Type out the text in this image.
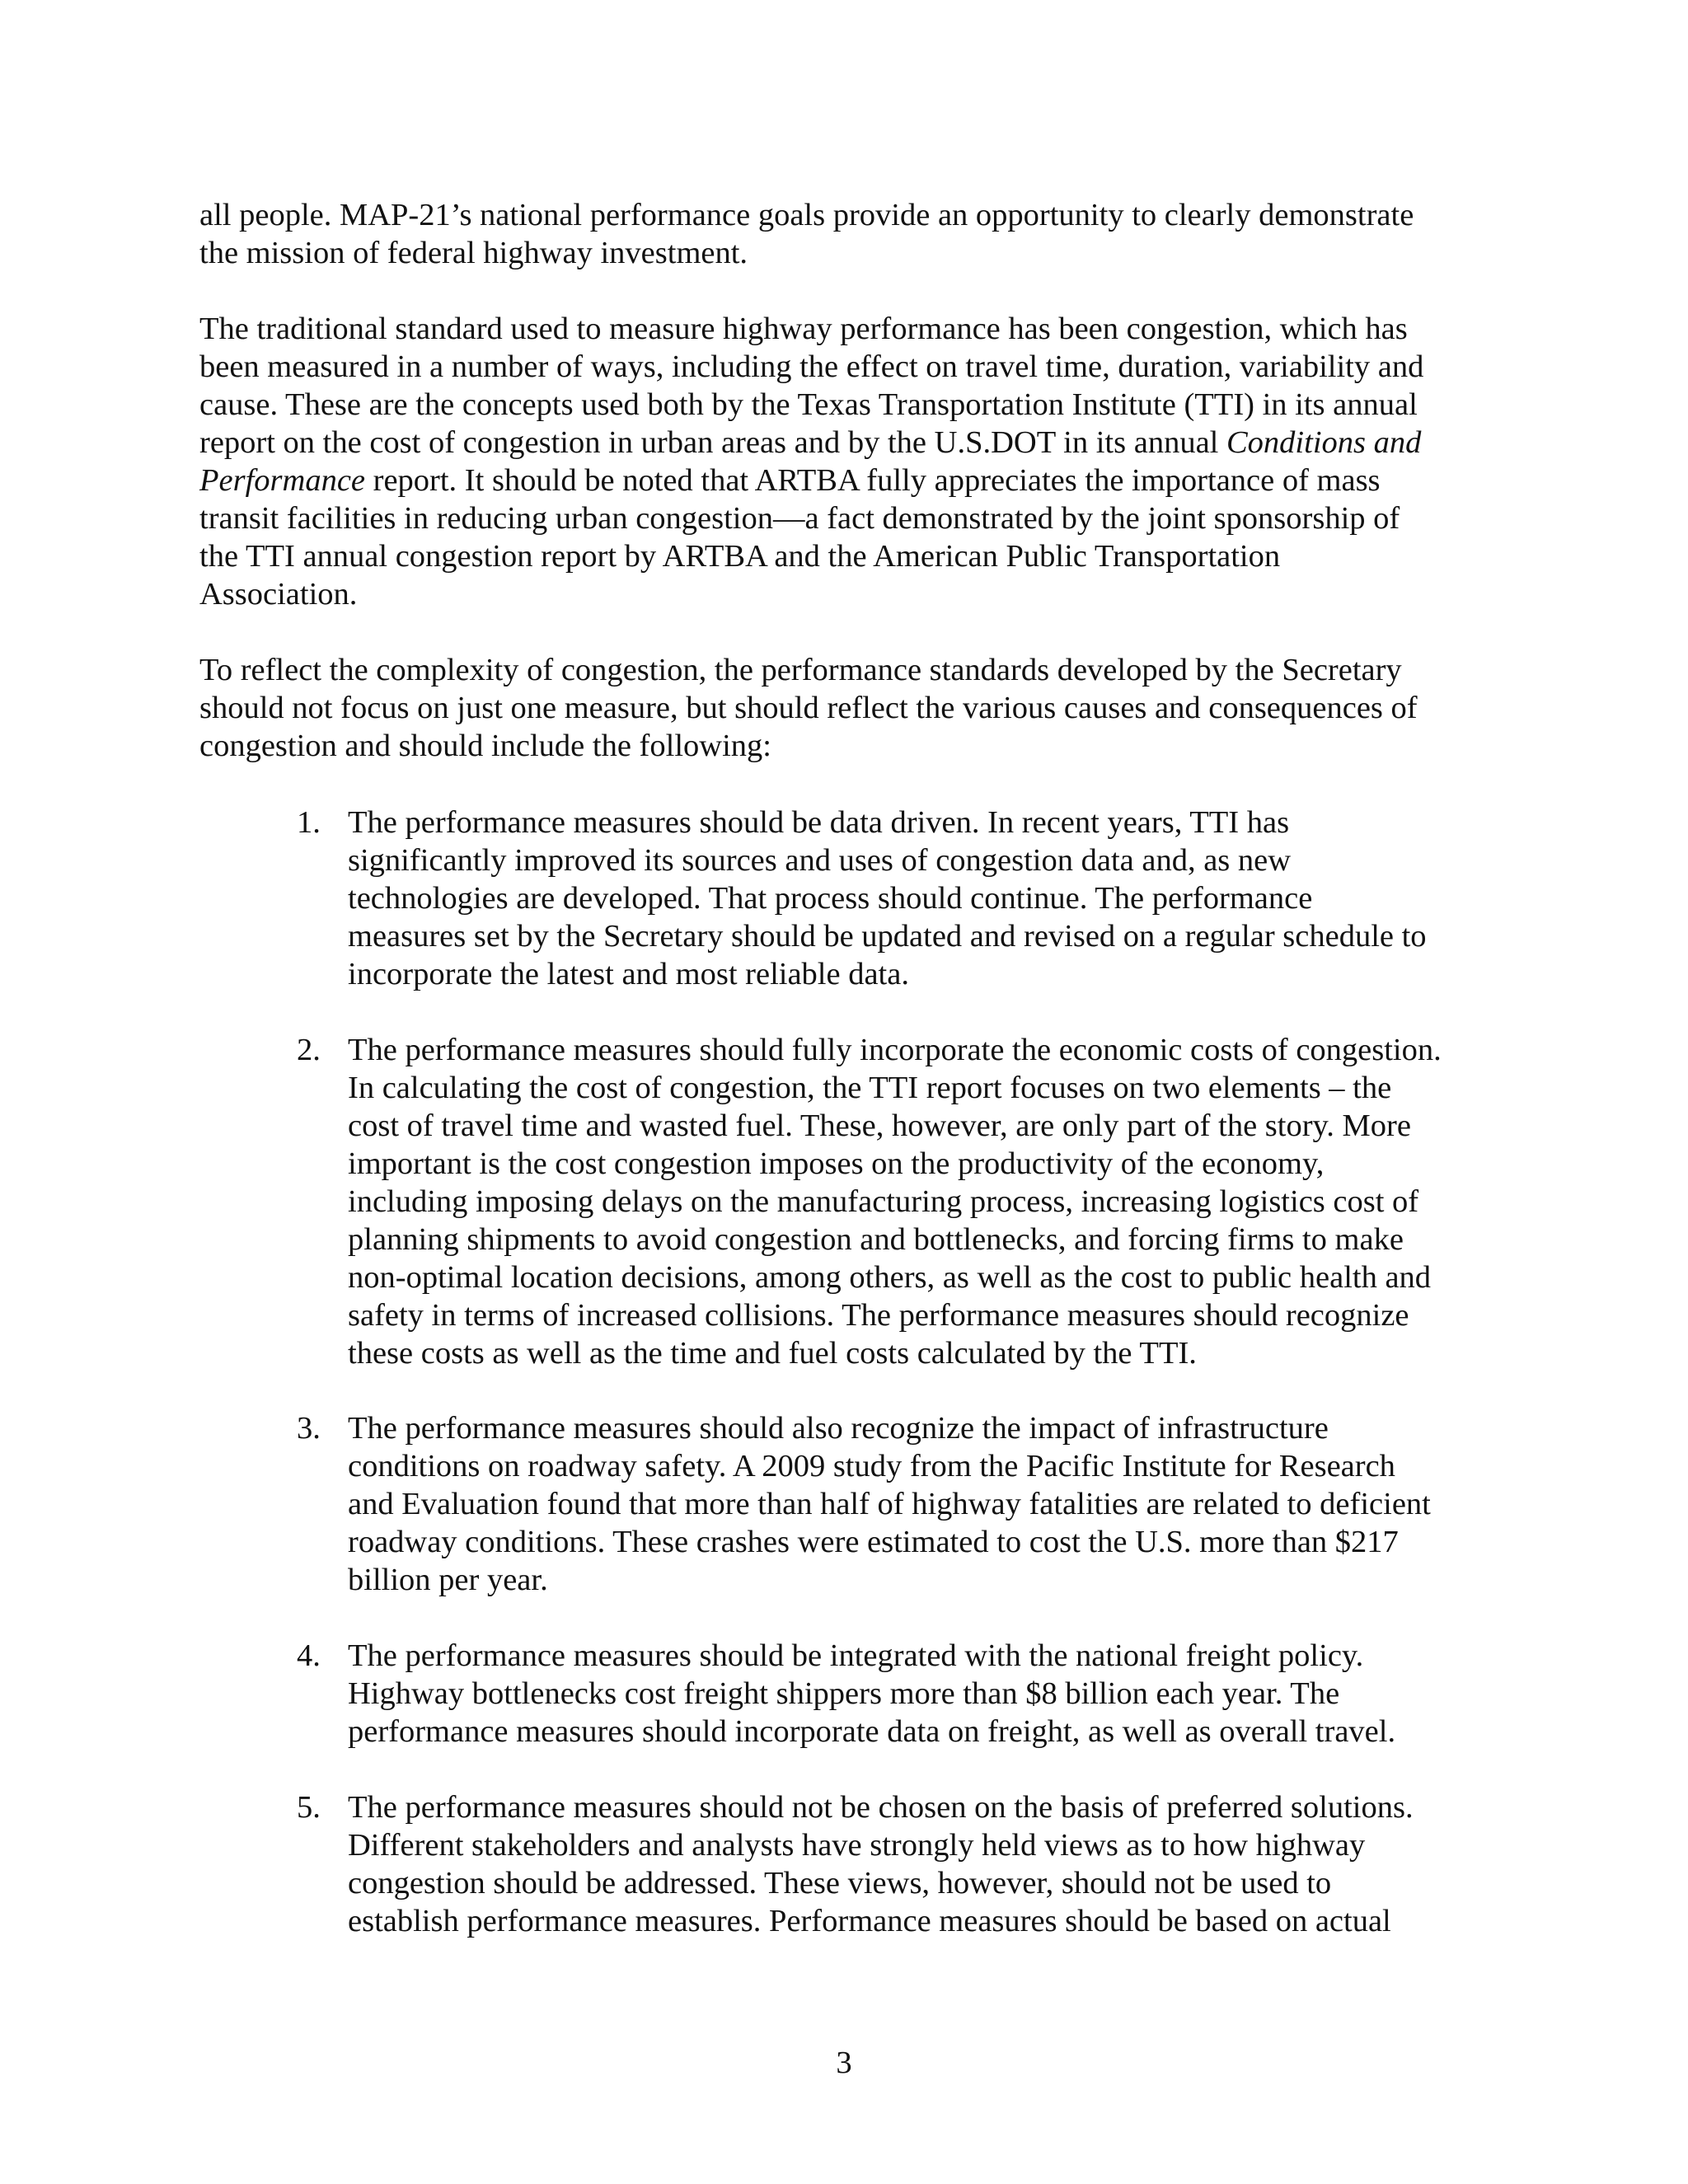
all people. MAP-21’s national performance goals provide an opportunity to clearly demonstrate
the mission of federal highway investment.
The traditional standard used to measure highway performance has been congestion, which has
been measured in a number of ways, including the effect on travel time, duration, variability and
cause. These are the concepts used both by the Texas Transportation Institute (TTI) in its annual
report on the cost of congestion in urban areas and by the U.S.DOT in its annual Conditions and
Performance report. It should be noted that ARTBA fully appreciates the importance of mass
transit facilities in reducing urban congestion—a fact demonstrated by the joint sponsorship of
the TTI annual congestion report by ARTBA and the American Public Transportation
Association.
To reflect the complexity of congestion, the performance standards developed by the Secretary
should not focus on just one measure, but should reflect the various causes and consequences of
congestion and should include the following:
1. The performance measures should be data driven. In recent years, TTI has
significantly improved its sources and uses of congestion data and, as new
technologies are developed. That process should continue. The performance
measures set by the Secretary should be updated and revised on a regular schedule to
incorporate the latest and most reliable data.
2. The performance measures should fully incorporate the economic costs of congestion.
In calculating the cost of congestion, the TTI report focuses on two elements – the
cost of travel time and wasted fuel. These, however, are only part of the story. More
important is the cost congestion imposes on the productivity of the economy,
including imposing delays on the manufacturing process, increasing logistics cost of
planning shipments to avoid congestion and bottlenecks, and forcing firms to make
non-optimal location decisions, among others, as well as the cost to public health and
safety in terms of increased collisions. The performance measures should recognize
these costs as well as the time and fuel costs calculated by the TTI.
3. The performance measures should also recognize the impact of infrastructure
conditions on roadway safety. A 2009 study from the Pacific Institute for Research
and Evaluation found that more than half of highway fatalities are related to deficient
roadway conditions. These crashes were estimated to cost the U.S. more than $217
billion per year.
4. The performance measures should be integrated with the national freight policy.
Highway bottlenecks cost freight shippers more than $8 billion each year. The
performance measures should incorporate data on freight, as well as overall travel.
5. The performance measures should not be chosen on the basis of preferred solutions.
Different stakeholders and analysts have strongly held views as to how highway
congestion should be addressed. These views, however, should not be used to
establish performance measures. Performance measures should be based on actual
3
